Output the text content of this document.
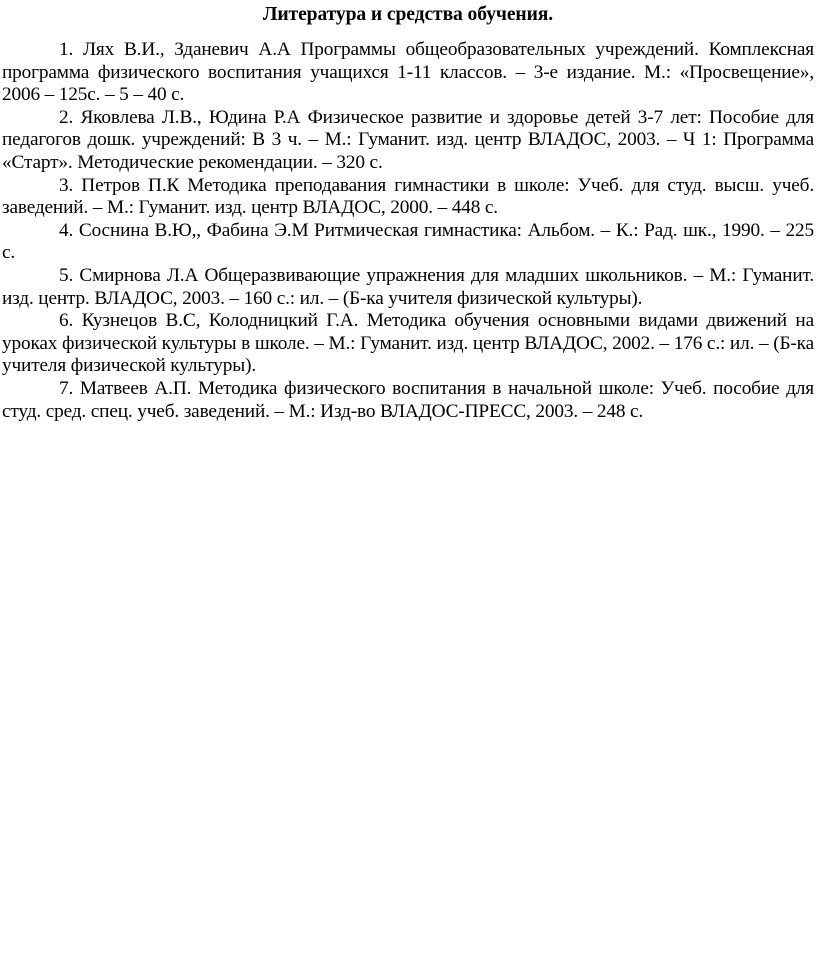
Литература и средства обучения.
1. Лях В.И., Зданевич А.А Программы общеобразовательных учреждений. Комплексная программа физического воспитания учащихся 1-11 классов. – 3-е издание. М.: «Просвещение», 2006 – 125с. – 5 – 40 с.
2. Яковлева Л.В., Юдина Р.А Физическое развитие и здоровье детей 3-7 лет: Пособие для педагогов дошк. учреждений: В 3 ч. – М.: Гуманит. изд. центр ВЛАДОС, 2003. – Ч 1: Программа «Старт». Методические рекомендации. – 320 с.
3. Петров П.К Методика преподавания гимнастики в школе: Учеб. для студ. высш. учеб. заведений. – М.: Гуманит. изд. центр ВЛАДОС, 2000. – 448 с.
4. Соснина В.Ю,, Фабина Э.М Ритмическая гимнастика: Альбом. – К.: Рад. шк., 1990. – 225 с.
5. Смирнова Л.А Общеразвивающие упражнения для младших школьников. – М.: Гуманит. изд. центр. ВЛАДОС, 2003. – 160 с.: ил. – (Б-ка учителя физической культуры).
6. Кузнецов В.С, Колодницкий Г.А. Методика обучения основными видами движений на уроках физической культуры в школе. – М.: Гуманит. изд. центр ВЛАДОС, 2002. – 176 с.: ил. – (Б-ка учителя физической культуры).
7. Матвеев А.П. Методика физического воспитания в начальной школе: Учеб. пособие для студ. сред. спец. учеб. заведений. – М.: Изд-во ВЛАДОС-ПРЕСС, 2003. – 248 с.
